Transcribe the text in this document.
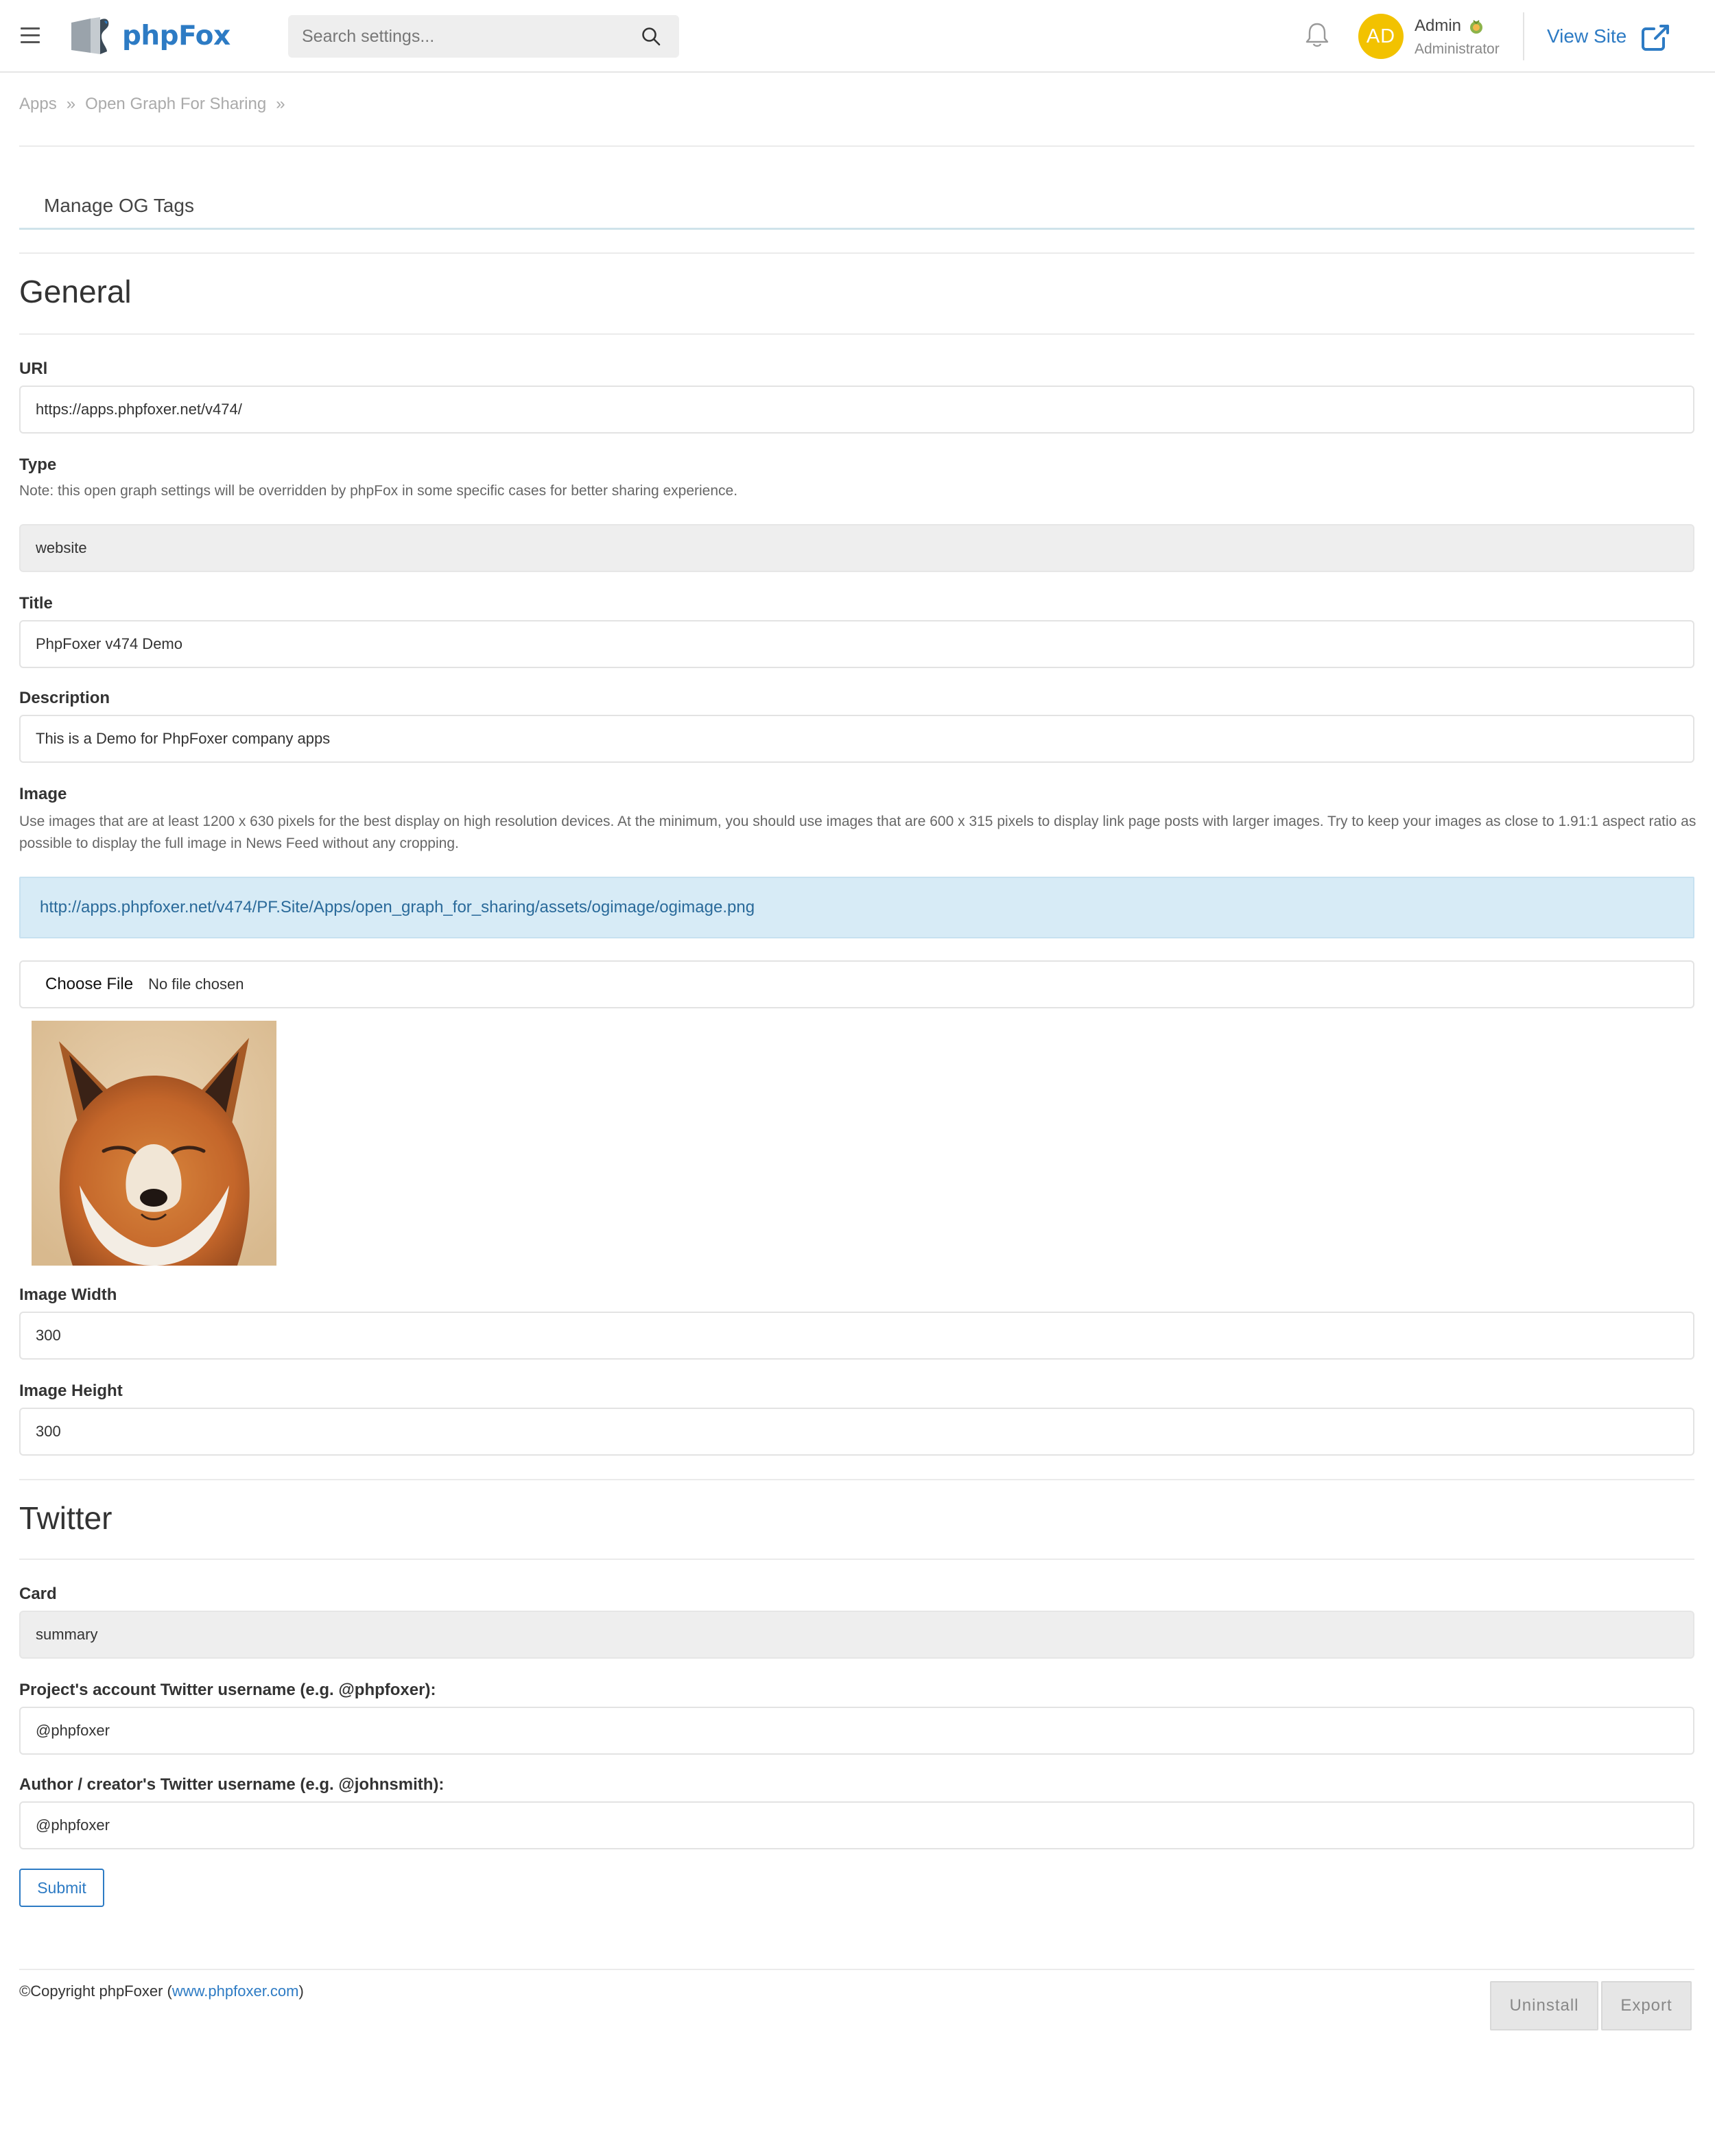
phpFox
Search settings...	AD Admin
Administrator
View Site
Apps » Open Graph For Sharing »
Manage OG Tags
General
URl
https://apps.phpfoxer.net/v474/
Type
Note: this open graph settings will be overridden by phpFox in some specific cases for better sharing experience.
website
Title
PhpFoxer v474 Demo
Description
This is a Demo for PhpFoxer company apps
Image
Use images that are at least 1200 x 630 pixels for the best display on high resolution devices. At the minimum, you should use images that are 600 x 315 pixels to display link page posts with larger images. Try to keep your images as close to 1.91:1 aspect ratio as possible to display the full image in News Feed without any cropping.
http://apps.phpfoxer.net/v474/PF.Site/Apps/open_graph_for_sharing/assets/ogimage/ogimage.png
Choose File No file chosen
Image Width
300
Image Height
300
Twitter
Card
summary
Project's account Twitter username (e.g. @phpfoxer):
@phpfoxer
Author / creator's Twitter username (e.g. @johnsmith):
@phpfoxer
Submit
©Copyright phpFoxer (www.phpfoxer.com)
Uninstall	Export
